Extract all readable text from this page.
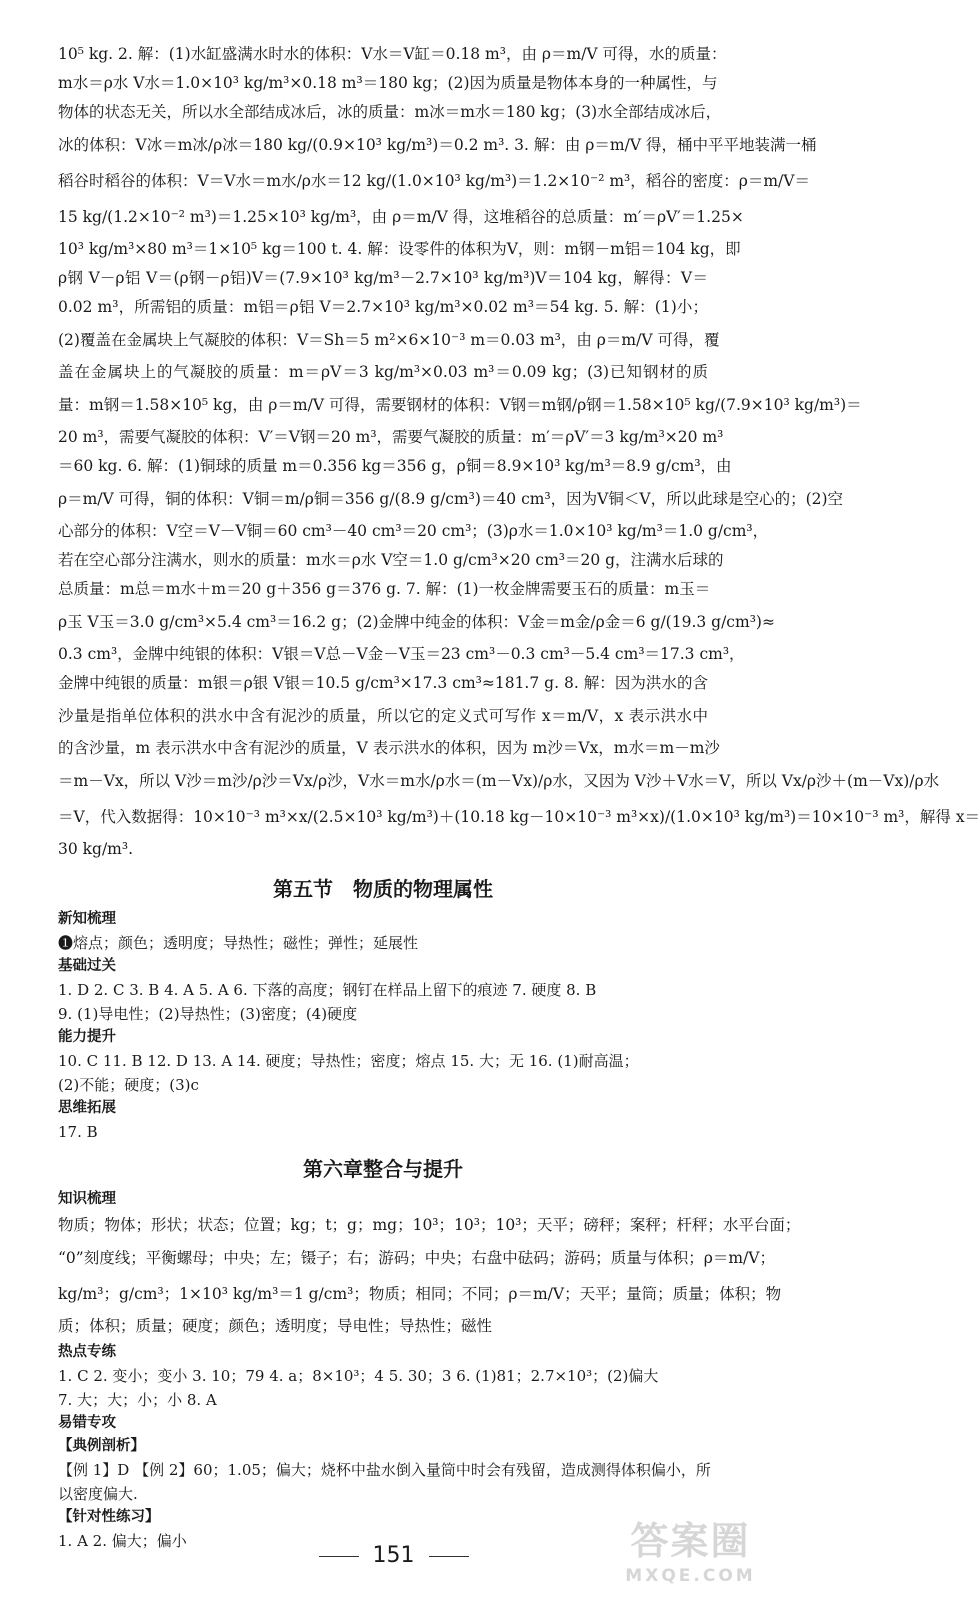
10⁵ kg. 2. 解：(1)水缸盛满水时水的体积：V水＝V缸＝0.18 m³，由 ρ＝m/V 可得，水的质量：
m水＝ρ水 V水＝1.0×10³ kg/m³×0.18 m³＝180 kg；(2)因为质量是物体本身的一种属性，与
物体的状态无关，所以水全部结成冰后，冰的质量：m冰＝m水＝180 kg；(3)水全部结成冰后，
冰的体积：V冰＝m冰/ρ冰＝180 kg/(0.9×10³ kg/m³)＝0.2 m³. 3. 解：由 ρ＝m/V 得，桶中平平地装满一桶
稻谷时稻谷的体积：V＝V水＝m水/ρ水＝12 kg/(1.0×10³ kg/m³)＝1.2×10⁻² m³，稻谷的密度：ρ＝m/V＝
15 kg/(1.2×10⁻² m³)＝1.25×10³ kg/m³，由 ρ＝m/V 得，这堆稻谷的总质量：m′＝ρV′＝1.25×
10³ kg/m³×80 m³＝1×10⁵ kg＝100 t. 4. 解：设零件的体积为V，则：m钢－m铝＝104 kg，即
ρ钢 V－ρ铝 V＝(ρ钢－ρ铝)V＝(7.9×10³ kg/m³－2.7×10³ kg/m³)V＝104 kg，解得：V＝
0.02 m³，所需铝的质量：m铝＝ρ铝 V＝2.7×10³ kg/m³×0.02 m³＝54 kg. 5. 解：(1)小；
(2)覆盖在金属块上气凝胶的体积：V＝Sh＝5 m²×6×10⁻³ m＝0.03 m³，由 ρ＝m/V 可得，覆
盖在金属块上的气凝胶的质量：m＝ρV＝3 kg/m³×0.03 m³＝0.09 kg；(3)已知钢材的质
量：m钢＝1.58×10⁵ kg，由 ρ＝m/V 可得，需要钢材的体积：V钢＝m钢/ρ钢＝1.58×10⁵ kg/(7.9×10³ kg/m³)＝
20 m³，需要气凝胶的体积：V′＝V钢＝20 m³，需要气凝胶的质量：m′＝ρV′＝3 kg/m³×20 m³
＝60 kg. 6. 解：(1)铜球的质量 m＝0.356 kg＝356 g，ρ铜＝8.9×10³ kg/m³＝8.9 g/cm³，由
ρ＝m/V 可得，铜的体积：V铜＝m/ρ铜＝356 g/(8.9 g/cm³)＝40 cm³，因为V铜＜V，所以此球是空心的；(2)空
心部分的体积：V空＝V－V铜＝60 cm³－40 cm³＝20 cm³；(3)ρ水＝1.0×10³ kg/m³＝1.0 g/cm³，
若在空心部分注满水，则水的质量：m水＝ρ水 V空＝1.0 g/cm³×20 cm³＝20 g，注满水后球的
总质量：m总＝m水＋m＝20 g＋356 g＝376 g. 7. 解：(1)一枚金牌需要玉石的质量：m玉＝
ρ玉 V玉＝3.0 g/cm³×5.4 cm³＝16.2 g；(2)金牌中纯金的体积：V金＝m金/ρ金＝6 g/(19.3 g/cm³)≈
0.3 cm³，金牌中纯银的体积：V银＝V总－V金－V玉＝23 cm³－0.3 cm³－5.4 cm³＝17.3 cm³，
金牌中纯银的质量：m银＝ρ银 V银＝10.5 g/cm³×17.3 cm³≈181.7 g. 8. 解：因为洪水的含
沙量是指单位体积的洪水中含有泥沙的质量，所以它的定义式可写作 x＝m/V，x 表示洪水中
的含沙量，m 表示洪水中含有泥沙的质量，V 表示洪水的体积，因为 m沙＝Vx，m水＝m－m沙
＝m－Vx，所以 V沙＝m沙/ρ沙＝Vx/ρ沙，V水＝m水/ρ水＝(m－Vx)/ρ水，又因为 V沙＋V水＝V，所以 Vx/ρ沙＋(m－Vx)/ρ水
＝V，代入数据得：10×10⁻³ m³×x/(2.5×10³ kg/m³)＋(10.18 kg－10×10⁻³ m³×x)/(1.0×10³ kg/m³)＝10×10⁻³ m³，解得 x＝
30 kg/m³.
第五节　物质的物理属性
新知梳理
❶熔点；颜色；透明度；导热性；磁性；弹性；延展性
基础过关
1. D 2. C 3. B 4. A 5. A 6. 下落的高度；钢钉在样品上留下的痕迹 7. 硬度 8. B
9. (1)导电性；(2)导热性；(3)密度；(4)硬度
能力提升
10. C 11. B 12. D 13. A 14. 硬度；导热性；密度；熔点 15. 大；无 16. (1)耐高温；
(2)不能；硬度；(3)c
思维拓展
17. B
第六章整合与提升
知识梳理
物质；物体；形状；状态；位置；kg；t；g；mg；10³；10³；10³；天平；磅秤；案秤；杆秤；水平台面；
“0”刻度线；平衡螺母；中央；左；镊子；右；游码；中央；右盘中砝码；游码；质量与体积；ρ＝m/V；
kg/m³；g/cm³；1×10³ kg/m³＝1 g/cm³；物质；相同；不同；ρ＝m/V；天平；量筒；质量；体积；物
质；体积；质量；硬度；颜色；透明度；导电性；导热性；磁性
热点专练
1. C 2. 变小；变小 3. 10；79 4. a；8×10³；4 5. 30；3 6. (1)81；2.7×10³；(2)偏大
7. 大；大；小；小 8. A
易错专攻
【典例剖析】
【例 1】D 【例 2】60；1.05；偏大；烧杯中盐水倒入量筒中时会有残留，造成测得体积偏小，所
以密度偏大.
【针对性练习】
1. A 2. 偏大；偏小
151	答案圈
MXQE.COM
